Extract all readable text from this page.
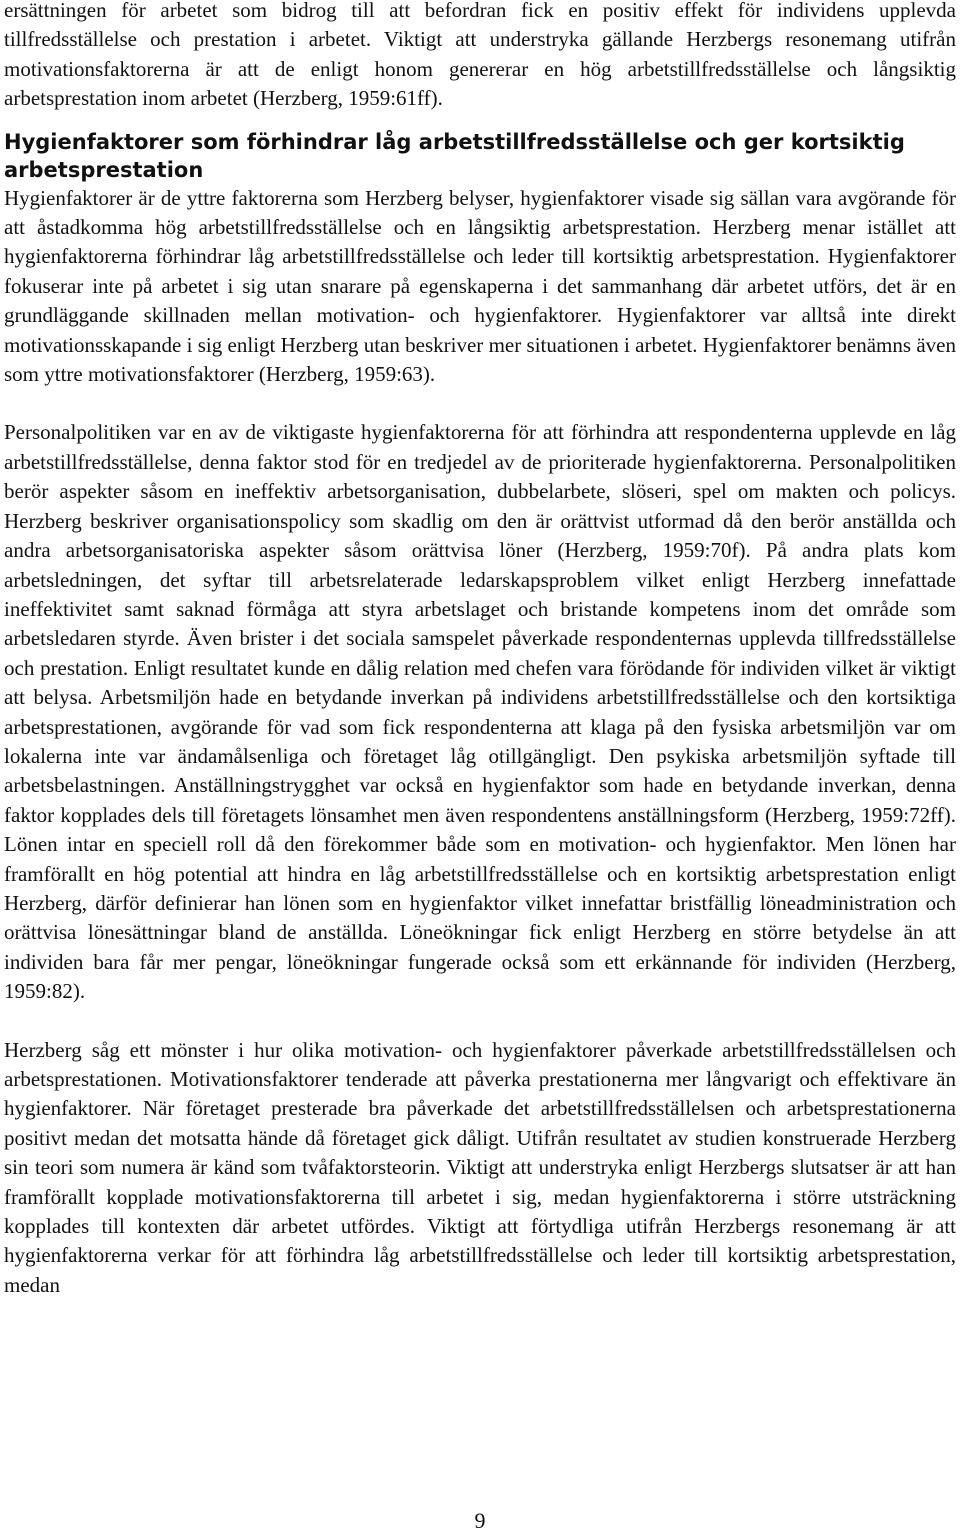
ersättningen för arbetet som bidrog till att befordran fick en positiv effekt för individens upplevda tillfredsställelse och prestation i arbetet. Viktigt att understryka gällande Herzbergs resonemang utifrån motivationsfaktorerna är att de enligt honom genererar en hög arbetstillfredsställelse och långsiktig arbetsprestation inom arbetet (Herzberg, 1959:61ff).

Hygienfaktorer som förhindrar låg arbetstillfredsställelse och ger kortsiktig arbetsprestation

Hygienfaktorer är de yttre faktorerna som Herzberg belyser, hygienfaktorer visade sig sällan vara avgörande för att åstadkomma hög arbetstillfredsställelse och en långsiktig arbetsprestation. Herzberg menar istället att hygienfaktorerna förhindrar låg arbetstillfredsställelse och leder till kortsiktig arbetsprestation. Hygienfaktorer fokuserar inte på arbetet i sig utan snarare på egenskaperna i det sammanhang där arbetet utförs, det är en grundläggande skillnaden mellan motivation- och hygienfaktorer. Hygienfaktorer var alltså inte direkt motivationsskapande i sig enligt Herzberg utan beskriver mer situationen i arbetet. Hygienfaktorer benämns även som yttre motivationsfaktorer (Herzberg, 1959:63).

Personalpolitiken var en av de viktigaste hygienfaktorerna för att förhindra att respondenterna upplevde en låg arbetstillfredsställelse, denna faktor stod för en tredjedel av de prioriterade hygienfaktorerna. Personalpolitiken berör aspekter såsom en ineffektiv arbetsorganisation, dubbelarbete, slöseri, spel om makten och policys. Herzberg beskriver organisationspolicy som skadlig om den är orättvist utformad då den berör anställda och andra arbetsorganisatoriska aspekter såsom orättvisa löner (Herzberg, 1959:70f). På andra plats kom arbetsledningen, det syftar till arbetsrelaterade ledarskapsproblem vilket enligt Herzberg innefattade ineffektivitet samt saknad förmåga att styra arbetslaget och bristande kompetens inom det område som arbetsledaren styrde. Även brister i det sociala samspelet påverkade respondenternas upplevda tillfredsställelse och prestation. Enligt resultatet kunde en dålig relation med chefen vara förödande för individen vilket är viktigt att belysa. Arbetsmiljön hade en betydande inverkan på individens arbetstillfredsställelse och den kortsiktiga arbetsprestationen, avgörande för vad som fick respondenterna att klaga på den fysiska arbetsmiljön var om lokalerna inte var ändamålsenliga och företaget låg otillgängligt. Den psykiska arbetsmiljön syftade till arbetsbelastningen. Anställningstrygghet var också en hygienfaktor som hade en betydande inverkan, denna faktor kopplades dels till företagets lönsamhet men även respondentens anställningsform (Herzberg, 1959:72ff). Lönen intar en speciell roll då den förekommer både som en motivation- och hygienfaktor. Men lönen har framförallt en hög potential att hindra en låg arbetstillfredsställelse och en kortsiktig arbetsprestation enligt Herzberg, därför definierar han lönen som en hygienfaktor vilket innefattar bristfällig löneadministration och orättvisa lönesättningar bland de anställda. Löneökningar fick enligt Herzberg en större betydelse än att individen bara får mer pengar, löneökningar fungerade också som ett erkännande för individen (Herzberg, 1959:82).

Herzberg såg ett mönster i hur olika motivation- och hygienfaktorer påverkade arbetstillfredsställelsen och arbetsprestationen. Motivationsfaktorer tenderade att påverka prestationerna mer långvarigt och effektivare än hygienfaktorer. När företaget presterade bra påverkade det arbetstillfredsställelsen och arbetsprestationerna positivt medan det motsatta hände då företaget gick dåligt. Utifrån resultatet av studien konstruerade Herzberg sin teori som numera är känd som tvåfaktorsteorin. Viktigt att understryka enligt Herzbergs slutsatser är att han framförallt kopplade motivationsfaktorerna till arbetet i sig, medan hygienfaktorerna i större utsträckning kopplades till kontexten där arbetet utfördes. Viktigt att förtydliga utifrån Herzbergs resonemang är att hygienfaktorerna verkar för att förhindra låg arbetstillfredsställelse och leder till kortsiktig arbetsprestation, medan

9
